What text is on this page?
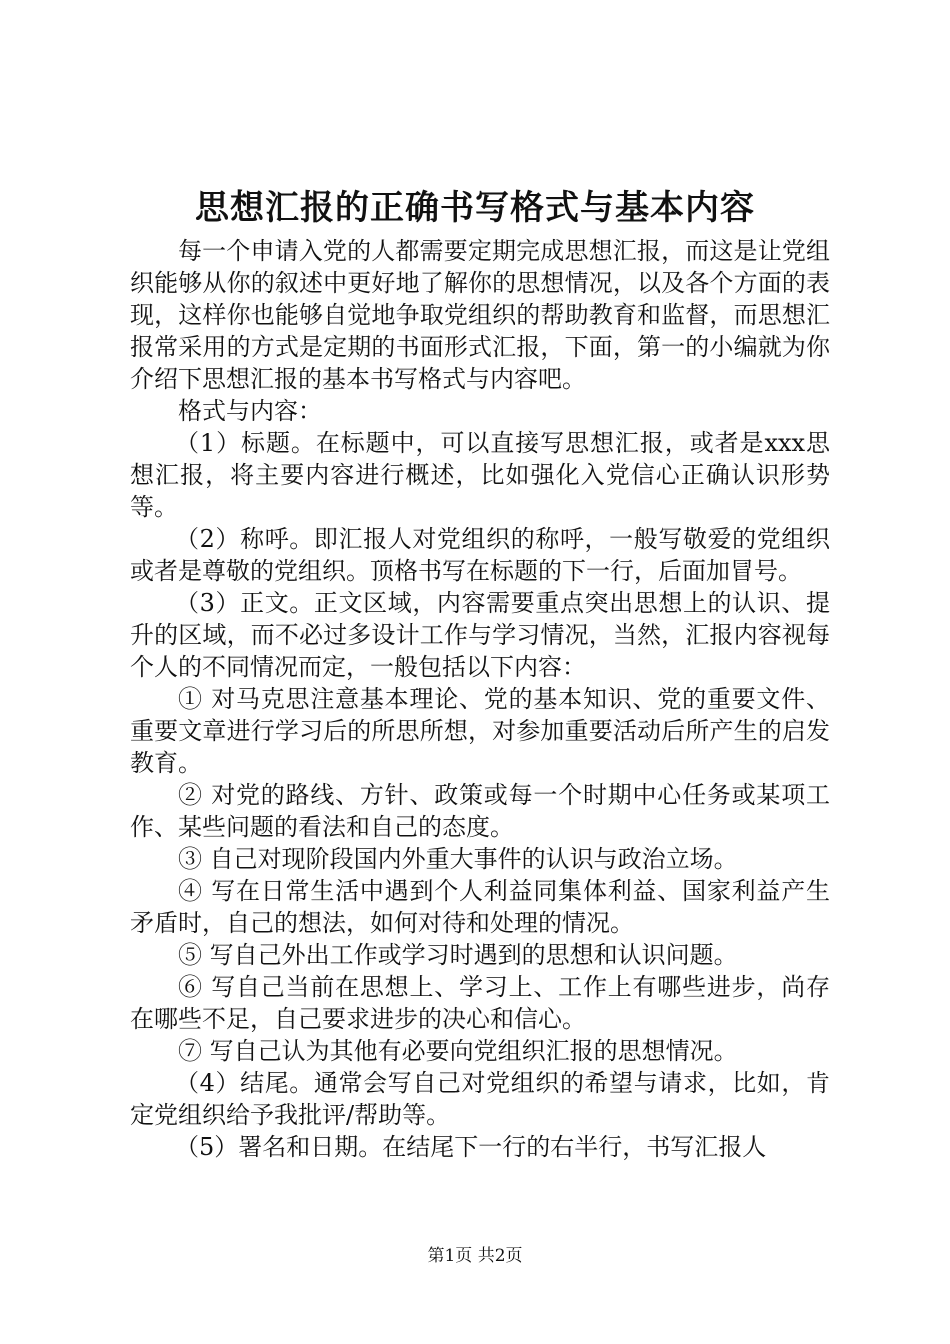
思想汇报的正确书写格式与基本内容

每一个申请入党的人都需要定期完成思想汇报，而这是让党组织能够从你的叙述中更好地了解你的思想情况，以及各个方面的表现，这样你也能够自觉地争取党组织的帮助教育和监督，而思想汇报常采用的方式是定期的书面形式汇报，下面，第一的小编就为你介绍下思想汇报的基本书写格式与内容吧。

格式与内容：

（1）标题。在标题中，可以直接写思想汇报，或者是xxx思想汇报，将主要内容进行概述，比如强化入党信心正确认识形势等。

（2）称呼。即汇报人对党组织的称呼，一般写敬爱的党组织或者是尊敬的党组织。顶格书写在标题的下一行，后面加冒号。

（3）正文。正文区域，内容需要重点突出思想上的认识、提升的区域，而不必过多设计工作与学习情况，当然，汇报内容视每个人的不同情况而定，一般包括以下内容：

① 对马克思注意基本理论、党的基本知识、党的重要文件、重要文章进行学习后的所思所想，对参加重要活动后所产生的启发教育。

② 对党的路线、方针、政策或每一个时期中心任务或某项工作、某些问题的看法和自己的态度。

③ 自己对现阶段国内外重大事件的认识与政治立场。

④ 写在日常生活中遇到个人利益同集体利益、国家利益产生矛盾时，自己的想法，如何对待和处理的情况。

⑤ 写自己外出工作或学习时遇到的思想和认识问题。

⑥ 写自己当前在思想上、学习上、工作上有哪些进步，尚存在哪些不足，自己要求进步的决心和信心。

⑦ 写自己认为其他有必要向党组织汇报的思想情况。

（4）结尾。通常会写自己对党组织的希望与请求，比如，肯定党组织给予我批评/帮助等。

（5）署名和日期。在结尾下一行的右半行，书写汇报人

第1页 共2页
